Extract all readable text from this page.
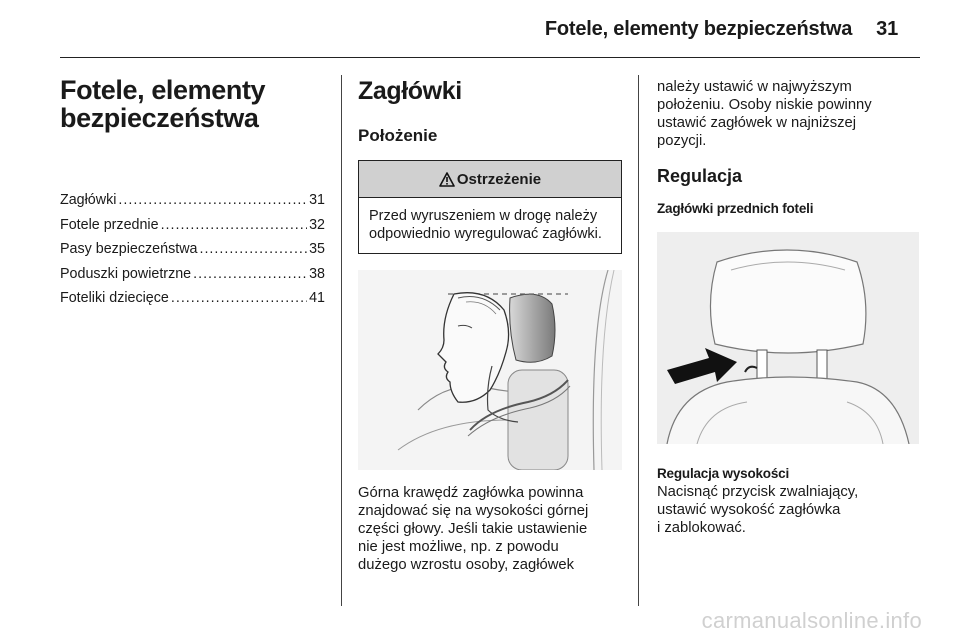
Fotele, elementy bezpieczeństwa 31
Fotele, elementy
bezpieczeństwa
Zagłówki .....	31
Fotele przednie .....	32
Pasy bezpieczeństwa .....	35
Poduszki powietrzne .....	38
Foteliki dziecięce .....	41
Zagłówki
Położenie
Ostrzeżenie
Przed wyruszeniem w drogę należy odpowiednio wyregulować zagłówki.

Górna krawędź zagłówka powinna
znajdować się na wysokości górnej
części głowy. Jeśli takie ustawienie
nie jest możliwe, np. z powodu
dużego wzrostu osoby, zagłówek

należy ustawić w najwyższym
położeniu. Osoby niskie powinny
ustawić zagłówek w najniższej
pozycji.

Regulacja
Zagłówki przednich foteli
Regulacja wysokości

Nacisnąć przycisk zwalniający,
ustawić wysokość zagłówka
i zablokować.

carmanualsonline.info
